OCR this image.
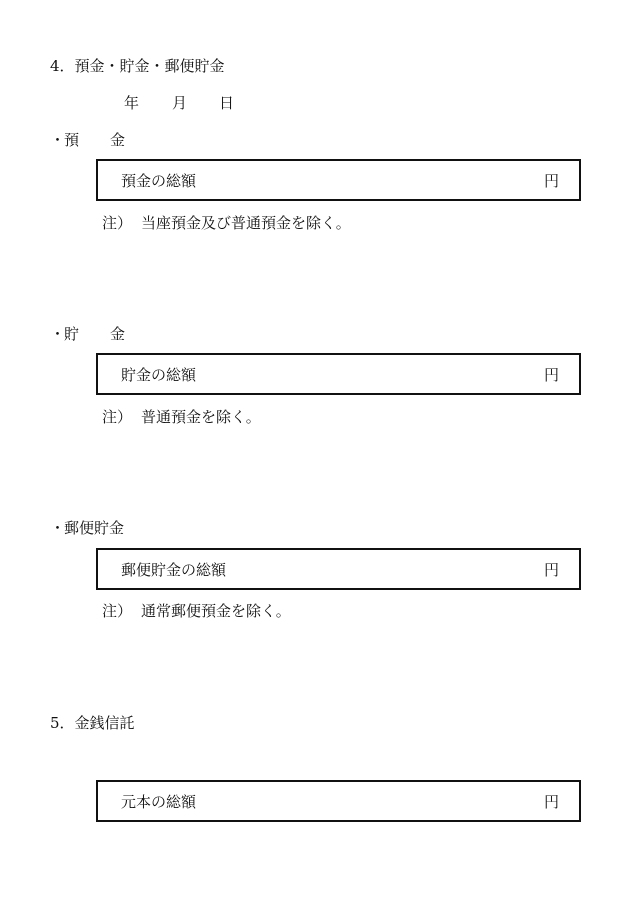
4．預金・貯金・郵便貯金
年 月 日
・
預 金
預金の総額	円
注） 当座預金及び普通預金を除く。
・
貯 金
貯金の総額	円
注） 普通預金を除く。
・
郵便貯金
郵便貯金の総額	円
注） 通常郵便預金を除く。
5．金銭信託
元本の総額	円
